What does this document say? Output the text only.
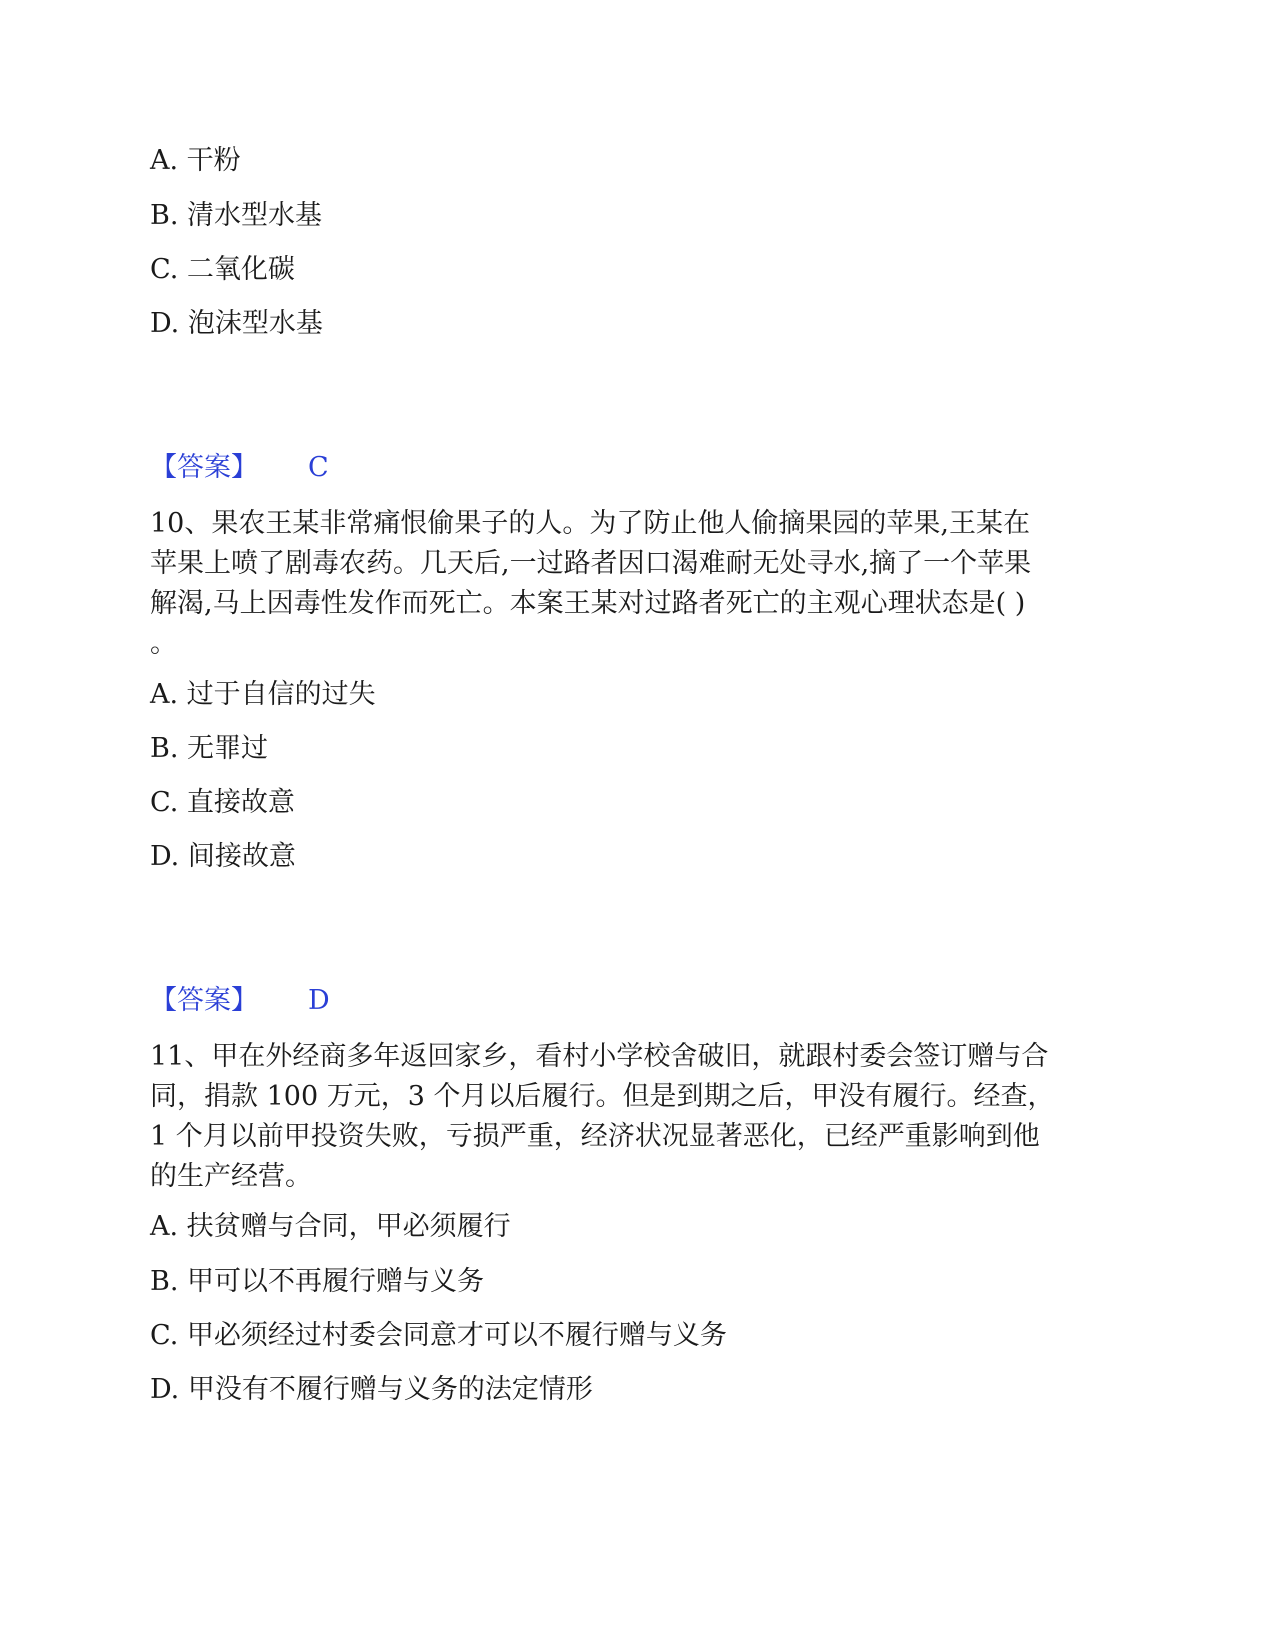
A. 干粉
B. 清水型水基
C. 二氧化碳
D. 泡沫型水基
【答案】 C
10、果农王某非常痛恨偷果子的人。为了防止他人偷摘果园的苹果,王某在
苹果上喷了剧毒农药。几天后,一过路者因口渴难耐无处寻水,摘了一个苹果
解渴,马上因毒性发作而死亡。本案王某对过路者死亡的主观心理状态是( )
。
A. 过于自信的过失
B. 无罪过
C. 直接故意
D. 间接故意
【答案】 D
11、甲在外经商多年返回家乡，看村小学校舍破旧，就跟村委会签订赠与合
同，捐款 100 万元，3 个月以后履行。但是到期之后，甲没有履行。经查，
1 个月以前甲投资失败，亏损严重，经济状况显著恶化，已经严重影响到他
的生产经营。
A. 扶贫赠与合同，甲必须履行
B. 甲可以不再履行赠与义务
C. 甲必须经过村委会同意才可以不履行赠与义务
D. 甲没有不履行赠与义务的法定情形
